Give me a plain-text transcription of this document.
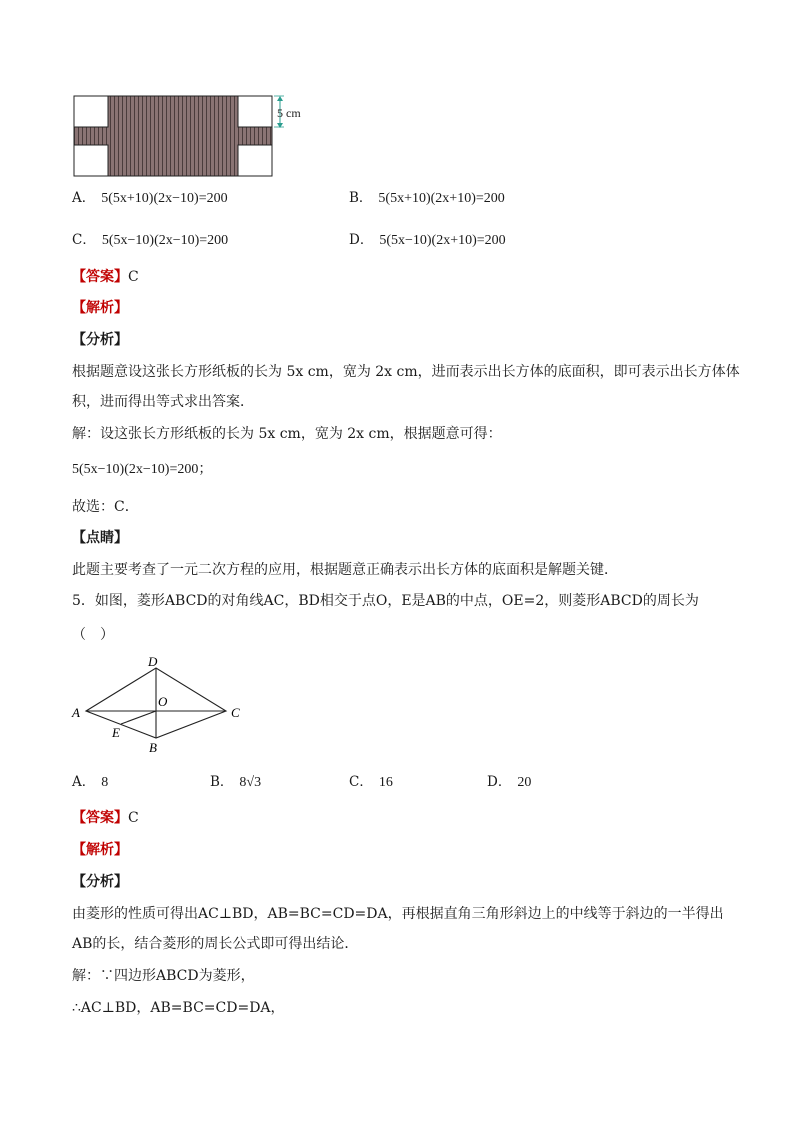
5 cm
A． 5(5x+10)(2x−10)=200	B． 5(5x+10)(2x+10)=200
C． 5(5x−10)(2x−10)=200	D． 5(5x−10)(2x+10)=200
【答案】C
【解析】
【分析】
根据题意设这张长方形纸板的长为 5x cm，宽为 2x cm，进而表示出长方体的底面积，即可表示出长方体体
积，进而得出等式求出答案．
解：设这张长方形纸板的长为 5x cm，宽为 2x cm，根据题意可得：
5(5x−10)(2x−10)=200；
故选：C．
【点睛】
此题主要考查了一元二次方程的应用，根据题意正确表示出长方体的底面积是解题关键．
5．如图，菱形ABCD的对角线AC，BD相交于点O，E是AB的中点，OE=2，则菱形ABCD的周长为
（　）
A
B
C
D
O
E
A． 8	B． 8√3	C． 16	D． 20
【答案】C
【解析】
【分析】
由菱形的性质可得出AC⊥BD，AB=BC=CD=DA，再根据直角三角形斜边上的中线等于斜边的一半得出
AB的长，结合菱形的周长公式即可得出结论．
解：∵四边形ABCD为菱形，
∴AC⊥BD，AB=BC=CD=DA，
